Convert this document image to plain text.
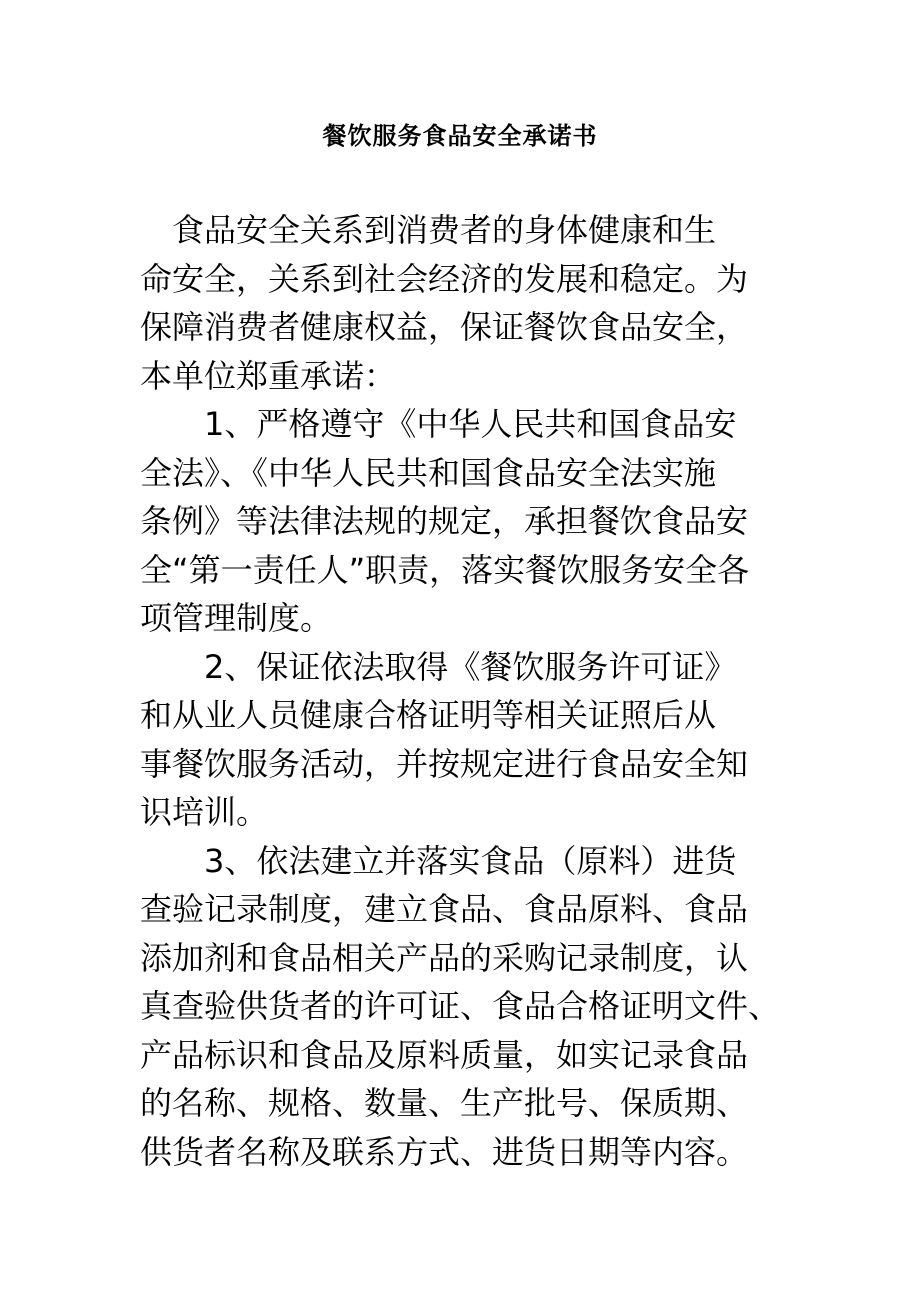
餐饮服务食品安全承诺书
　食品安全关系到消费者的身体健康和生
命安全，关系到社会经济的发展和稳定。为
保障消费者健康权益，保证餐饮食品安全，
本单位郑重承诺：
　　1、严格遵守《中华人民共和国食品安
全法》、《中华人民共和国食品安全法实施
条例》等法律法规的规定，承担餐饮食品安
全“第一责任人”职责，落实餐饮服务安全各
项管理制度。
　　2、保证依法取得《餐饮服务许可证》
和从业人员健康合格证明等相关证照后从
事餐饮服务活动，并按规定进行食品安全知
识培训。
　　3、依法建立并落实食品（原料）进货
查验记录制度，建立食品、食品原料、食品
添加剂和食品相关产品的采购记录制度，认
真查验供货者的许可证、食品合格证明文件、
产品标识和食品及原料质量，如实记录食品
的名称、规格、数量、生产批号、保质期、
供货者名称及联系方式、进货日期等内容。
